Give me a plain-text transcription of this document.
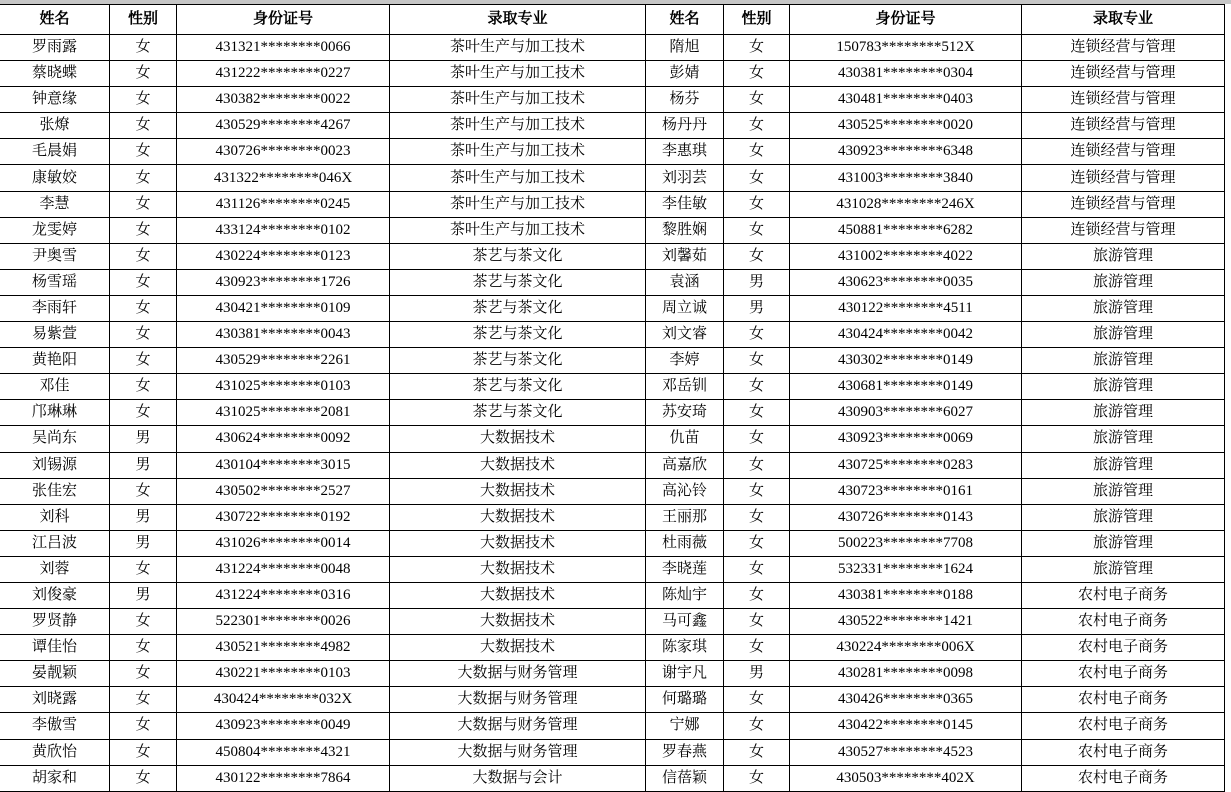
姓名	性别	身份证号	录取专业	姓名	性别	身份证号	录取专业
罗雨露	女	431321********0066	茶叶生产与加工技术	隋旭	女	150783********512X	连锁经营与管理
蔡晓蝶	女	431222********0227	茶叶生产与加工技术	彭婧	女	430381********0304	连锁经营与管理
钟意缘	女	430382********0022	茶叶生产与加工技术	杨芬	女	430481********0403	连锁经营与管理
张燎	女	430529********4267	茶叶生产与加工技术	杨丹丹	女	430525********0020	连锁经营与管理
毛晨娟	女	430726********0023	茶叶生产与加工技术	李惠琪	女	430923********6348	连锁经营与管理
康敏姣	女	431322********046X	茶叶生产与加工技术	刘羽芸	女	431003********3840	连锁经营与管理
李慧	女	431126********0245	茶叶生产与加工技术	李佳敏	女	431028********246X	连锁经营与管理
龙雯婷	女	433124********0102	茶叶生产与加工技术	黎胜娴	女	450881********6282	连锁经营与管理
尹奥雪	女	430224********0123	茶艺与茶文化	刘馨茹	女	431002********4022	旅游管理
杨雪瑶	女	430923********1726	茶艺与茶文化	袁涵	男	430623********0035	旅游管理
李雨轩	女	430421********0109	茶艺与茶文化	周立诚	男	430122********4511	旅游管理
易紫萱	女	430381********0043	茶艺与茶文化	刘文睿	女	430424********0042	旅游管理
黄艳阳	女	430529********2261	茶艺与茶文化	李婷	女	430302********0149	旅游管理
邓佳	女	431025********0103	茶艺与茶文化	邓岳钏	女	430681********0149	旅游管理
邝琳琳	女	431025********2081	茶艺与茶文化	苏安琦	女	430903********6027	旅游管理
吴尚东	男	430624********0092	大数据技术	仇苗	女	430923********0069	旅游管理
刘锡源	男	430104********3015	大数据技术	高嘉欣	女	430725********0283	旅游管理
张佳宏	女	430502********2527	大数据技术	高沁铃	女	430723********0161	旅游管理
刘科	男	430722********0192	大数据技术	王丽那	女	430726********0143	旅游管理
江吕波	男	431026********0014	大数据技术	杜雨薇	女	500223********7708	旅游管理
刘蓉	女	431224********0048	大数据技术	李晓莲	女	532331********1624	旅游管理
刘俊豪	男	431224********0316	大数据技术	陈灿宇	女	430381********0188	农村电子商务
罗贤静	女	522301********0026	大数据技术	马可鑫	女	430522********1421	农村电子商务
谭佳怡	女	430521********4982	大数据技术	陈家琪	女	430224********006X	农村电子商务
晏靓颖	女	430221********0103	大数据与财务管理	谢宇凡	男	430281********0098	农村电子商务
刘晓露	女	430424********032X	大数据与财务管理	何璐璐	女	430426********0365	农村电子商务
李傲雪	女	430923********0049	大数据与财务管理	宁娜	女	430422********0145	农村电子商务
黄欣怡	女	450804********4321	大数据与财务管理	罗春燕	女	430527********4523	农村电子商务
胡家和	女	430122********7864	大数据与会计	信蓓颖	女	430503********402X	农村电子商务
